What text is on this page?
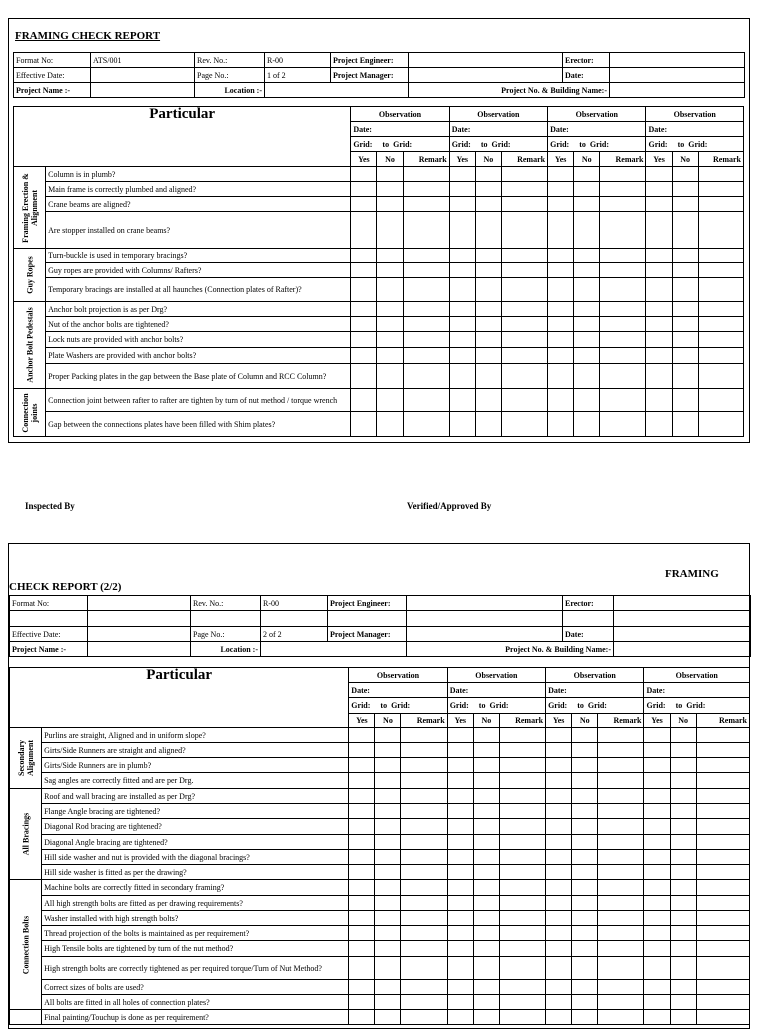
FRAMING CHECK REPORT
Format No:	ATS/001	Rev. No.:	R-00	Project Engineer:		Erector:	
Effective Date:		Page No.:	1 of 2	Project Manager:		Date:	
Project Name :-		Location :-			Project No. & Building Name:-		
Particular		Observation			Observation			Observation			Observation		
		Date:			Date:			Date:			Date:		
		Grid: to Grid:			Grid: to Grid:			Grid: to Grid:			Grid: to Grid:		
		Yes	No	Remark	Yes	No	Remark	Yes	No	Remark	Yes	No	Remark

Framing Erection & Alignment	Column is in plumb?												
	Main frame is correctly plumbed and aligned?												
	Crane beams are aligned?												
	Are stopper installed on crane beams?												

Guy Ropes	Turn-buckle is used in temporary bracings?												
	Guy ropes are provided with Columns/ Rafters?												
	Temporary bracings are installed at all haunches (Connection plates of Rafter)?												

Anchor Bolt Pedestals	Anchor bolt projection is as per Drg?												
	Nut of the anchor bolts are tightened?												
	Lock nuts are provided with anchor bolts?												
	Plate Washers are provided with anchor bolts?												
	Proper Packing plates in the gap between the Base plate of Column and RCC Column?												

Connection joints	Connection joint between rafter to rafter are tighten by turn of nut method / torque wrench												
	Gap between the connections plates have been filled with Shim plates?												
Inspected By	Verified/Approved By
FRAMING
CHECK REPORT (2/2)
Format No:		Rev. No.:	R-00	Project Engineer:		Erector:	

Effective Date:		Page No.:	2 of 2	Project Manager:		Date:	
Project Name :-		Location :-			Project No. & Building Name:-		
Particular		Observation			Observation			Observation			Observation		
		Date:			Date:			Date:			Date:		
		Grid: to Grid:			Grid: to Grid:			Grid: to Grid:			Grid: to Grid:		
		Yes	No	Remark	Yes	No	Remark	Yes	No	Remark	Yes	No	Remark

Secondary Alignment	Purlins are straight, Aligned and in uniform slope?												
	Girts/Side Runners are straight and aligned?												
	Girts/Side Runners are in plumb?												
	Sag angles are correctly fitted and are per Drg.												

All Bracings	Roof and wall bracing are installed as per Drg?												
	Flange Angle bracing are tightened?												
	Diagonal Rod bracing are tightened?												
	Diagonal Angle bracing are tightened?												
	Hill side washer and nut is provided with the diagonal bracings?												
	Hill side washer is fitted as per the drawing?												

Connection Bolts	Machine bolts are correctly fitted in secondary framing?												
	All high strength bolts are fitted as per drawing requirements?												
	Washer installed with high strength bolts?												
	Thread projection of the bolts is maintained as per requirement?												
	High Tensile bolts are tightened by turn of the nut method?												
	High strength bolts are correctly tightened as per required torque/Turn of Nut Method?												
	Correct sizes of bolts are used?												
	All bolts are fitted in all holes of connection plates?												
	Final painting/Touchup is done as per requirement?												
